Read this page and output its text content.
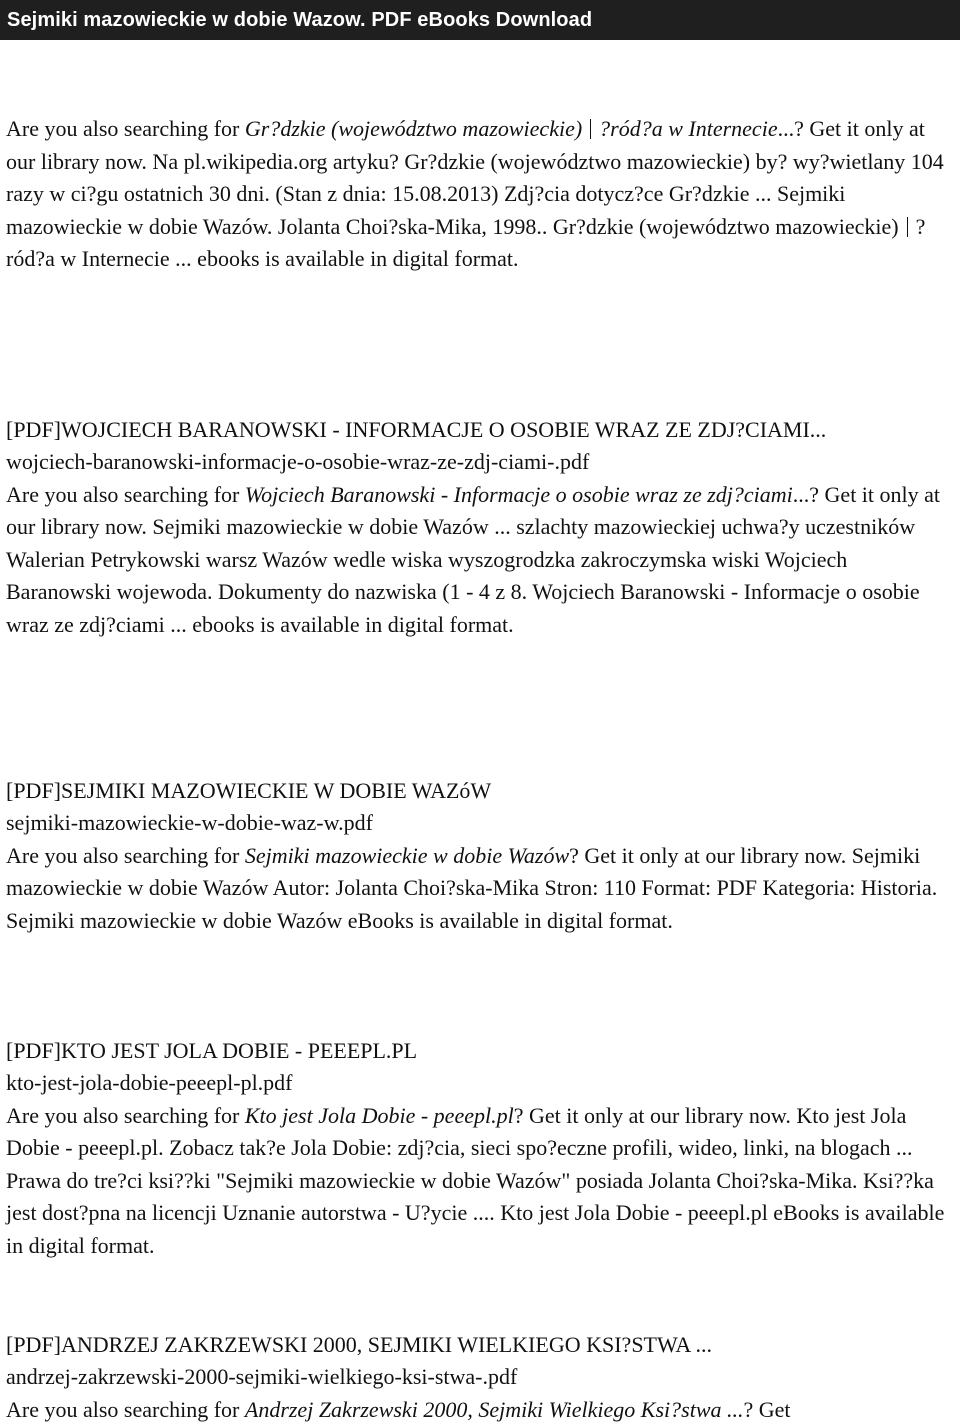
Sejmiki mazowieckie w dobie Wazow. PDF eBooks Download

Are you also searching for Gr?dzkie (województwo mazowieckie) ?ród?a w Internecie...? Get it only at our library now. Na pl.wikipedia.org artyku? Gr?dzkie (województwo mazowieckie) by? wy?wietlany 104 razy w ci?gu ostatnich 30 dni. (Stan z dnia: 15.08.2013) Zdj?cia dotycz?ce Gr?dzkie ... Sejmiki mazowieckie w dobie Wazów. Jolanta Choi?ska-Mika, 1998.. Gr?dzkie (województwo mazowieckie) ?ród?a w Internecie ... ebooks is available in digital format.

[PDF]WOJCIECH BARANOWSKI - INFORMACJE O OSOBIE WRAZ ZE ZDJ?CIAMI...
wojciech-baranowski-informacje-o-osobie-wraz-ze-zdj-ciami-.pdf

Are you also searching for Wojciech Baranowski - Informacje o osobie wraz ze zdj?ciami...? Get it only at our library now. Sejmiki mazowieckie w dobie Wazów ... szlachty mazowieckiej uchwa?y uczestników Walerian Petrykowski warsz Wazów wedle wiska wyszogrodzka zakroczymska wiski Wojciech Baranowski wojewoda. Dokumenty do nazwiska (1 - 4 z 8. Wojciech Baranowski - Informacje o osobie wraz ze zdj?ciami ... ebooks is available in digital format.

[PDF]SEJMIKI MAZOWIECKIE W DOBIE WAZóW
sejmiki-mazowieckie-w-dobie-waz-w.pdf

Are you also searching for Sejmiki mazowieckie w dobie Wazów? Get it only at our library now. Sejmiki mazowieckie w dobie Wazów Autor: Jolanta Choi?ska-Mika Stron: 110 Format: PDF Kategoria: Historia. Sejmiki mazowieckie w dobie Wazów eBooks is available in digital format.

[PDF]KTO JEST JOLA DOBIE - PEEEPL.PL
kto-jest-jola-dobie-peeepl-pl.pdf

Are you also searching for Kto jest Jola Dobie - peeepl.pl? Get it only at our library now. Kto jest Jola Dobie - peeepl.pl. Zobacz tak?e Jola Dobie: zdj?cia, sieci spo?eczne profili, wideo, linki, na blogach ... Prawa do tre?ci ksi??ki "Sejmiki mazowieckie w dobie Wazów" posiada Jolanta Choi?ska-Mika. Ksi??ka jest dost?pna na licencji Uznanie autorstwa - U?ycie .... Kto jest Jola Dobie - peeepl.pl eBooks is available in digital format.

[PDF]ANDRZEJ ZAKRZEWSKI 2000, SEJMIKI WIELKIEGO KSI?STWA ...
andrzej-zakrzewski-2000-sejmiki-wielkiego-ksi-stwa-.pdf

Are you also searching for Andrzej Zakrzewski 2000, Sejmiki Wielkiego Ksi?stwa ...? Get
